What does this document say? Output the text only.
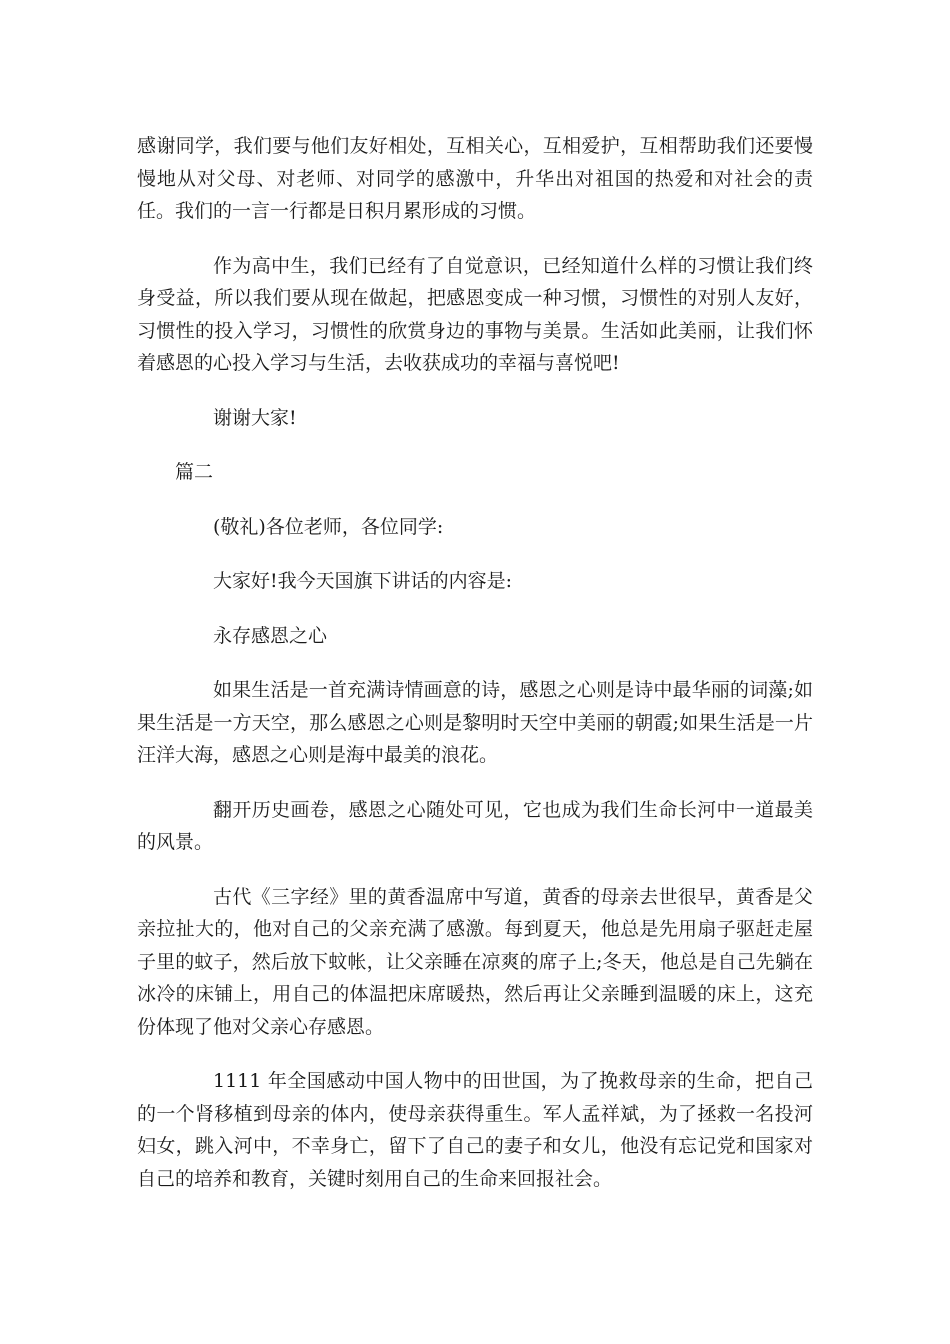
感谢同学，我们要与他们友好相处，互相关心，互相爱护，互相帮助我们还要慢慢地从对父母、对老师、对同学的感激中，升华出对祖国的热爱和对社会的责任。我们的一言一行都是日积月累形成的习惯。

作为高中生，我们已经有了自觉意识，已经知道什么样的习惯让我们终身受益，所以我们要从现在做起，把感恩变成一种习惯，习惯性的对别人友好，习惯性的投入学习，习惯性的欣赏身边的事物与美景。生活如此美丽，让我们怀着感恩的心投入学习与生活，去收获成功的幸福与喜悦吧!

谢谢大家!

篇二

(敬礼)各位老师，各位同学:

大家好!我今天国旗下讲话的内容是:

永存感恩之心

如果生活是一首充满诗情画意的诗，感恩之心则是诗中最华丽的词藻;如果生活是一方天空，那么感恩之心则是黎明时天空中美丽的朝霞;如果生活是一片汪洋大海，感恩之心则是海中最美的浪花。

翻开历史画卷，感恩之心随处可见，它也成为我们生命长河中一道最美的风景。

古代《三字经》里的黄香温席中写道，黄香的母亲去世很早，黄香是父亲拉扯大的，他对自己的父亲充满了感激。每到夏天，他总是先用扇子驱赶走屋子里的蚊子，然后放下蚊帐，让父亲睡在凉爽的席子上;冬天，他总是自己先躺在冰冷的床铺上，用自己的体温把床席暖热，然后再让父亲睡到温暖的床上，这充份体现了他对父亲心存感恩。

1111 年全国感动中国人物中的田世国，为了挽救母亲的生命，把自己的一个肾移植到母亲的体内，使母亲获得重生。军人孟祥斌，为了拯救一名投河妇女，跳入河中，不幸身亡，留下了自己的妻子和女儿，他没有忘记党和国家对自己的培养和教育，关键时刻用自己的生命来回报社会。
